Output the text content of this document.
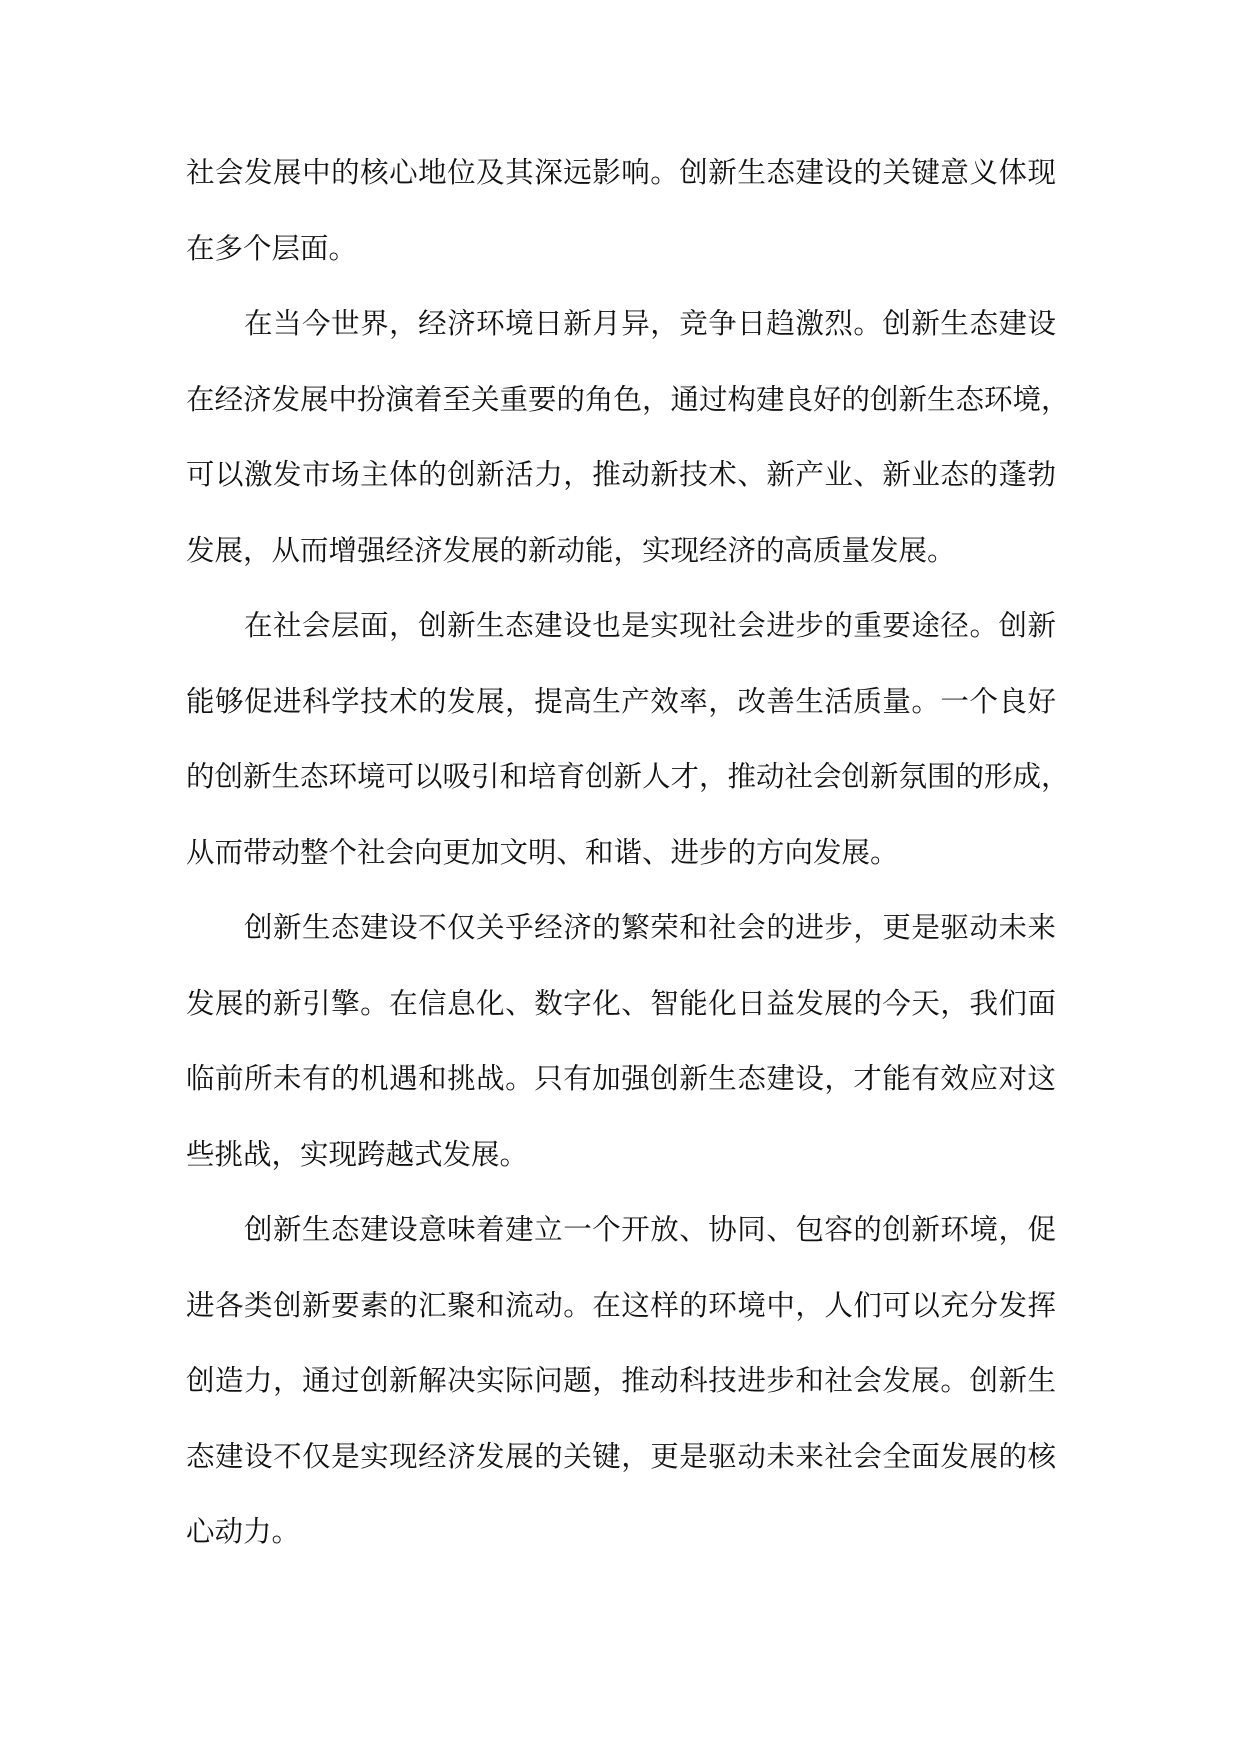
社会发展中的核心地位及其深远影响。创新生态建设的关键意义体现
在多个层面。
在当今世界，经济环境日新月异，竞争日趋激烈。创新生态建设
在经济发展中扮演着至关重要的角色，通过构建良好的创新生态环境，
可以激发市场主体的创新活力，推动新技术、新产业、新业态的蓬勃
发展，从而增强经济发展的新动能，实现经济的高质量发展。
在社会层面，创新生态建设也是实现社会进步的重要途径。创新
能够促进科学技术的发展，提高生产效率，改善生活质量。一个良好
的创新生态环境可以吸引和培育创新人才，推动社会创新氛围的形成，
从而带动整个社会向更加文明、和谐、进步的方向发展。
创新生态建设不仅关乎经济的繁荣和社会的进步，更是驱动未来
发展的新引擎。在信息化、数字化、智能化日益发展的今天，我们面
临前所未有的机遇和挑战。只有加强创新生态建设，才能有效应对这
些挑战，实现跨越式发展。
创新生态建设意味着建立一个开放、协同、包容的创新环境，促
进各类创新要素的汇聚和流动。在这样的环境中，人们可以充分发挥
创造力，通过创新解决实际问题，推动科技进步和社会发展。创新生
态建设不仅是实现经济发展的关键，更是驱动未来社会全面发展的核
心动力。
